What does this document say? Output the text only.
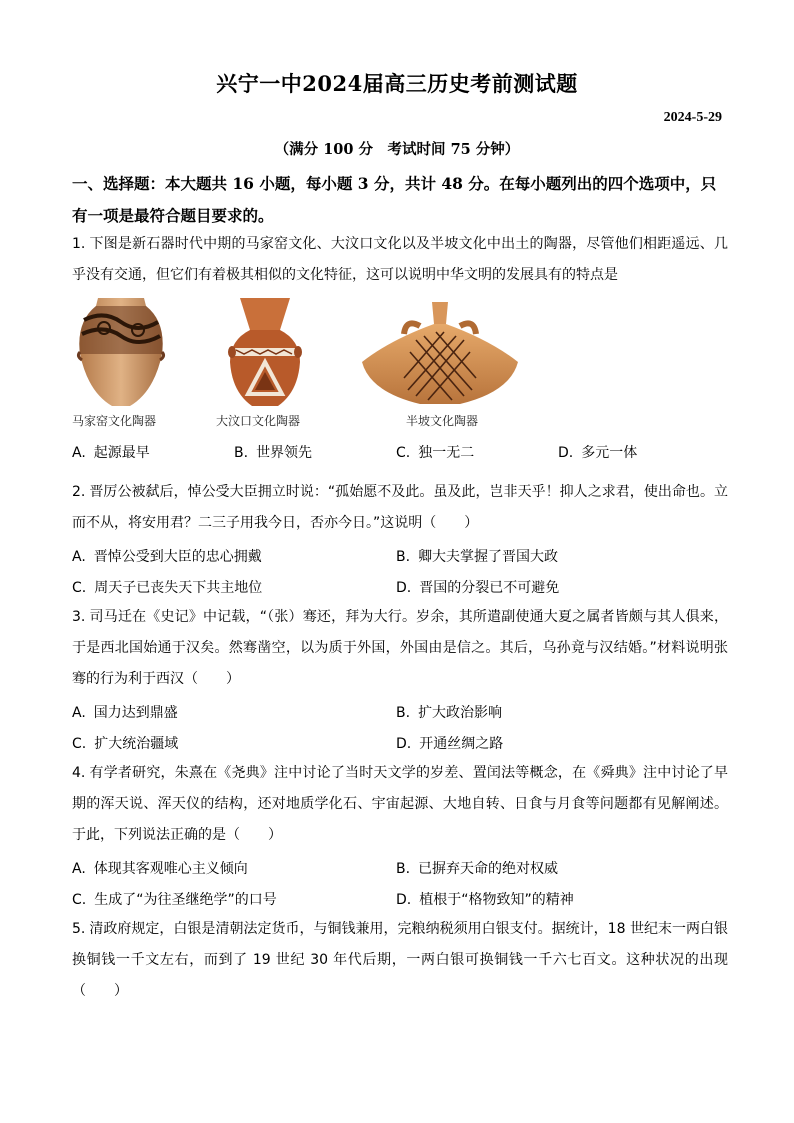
兴宁一中2024届高三历史考前测试题
2024-5-29
（满分 100 分　考试时间 75 分钟）
一、选择题：本大题共 16 小题，每小题 3 分，共计 48 分。在每小题列出的四个选项中，只有一项是最符合题目要求的。
1. 下图是新石器时代中期的马家窑文化、大汶口文化以及半坡文化中出土的陶器，尽管他们相距遥远、几乎没有交通，但它们有着极其相似的文化特征，这可以说明中华文明的发展具有的特点是
马家窑文化陶器	大汶口文化陶器	半坡文化陶器
A. 起源最早	B. 世界领先	C. 独一无二	D. 多元一体
2. 晋厉公被弑后，悼公受大臣拥立时说：“孤始愿不及此。虽及此，岂非天乎！抑人之求君，使出命也。立而不从，将安用君？二三子用我今日，否亦今日。”这说明（　　）
A. 晋悼公受到大臣的忠心拥戴	B. 卿大夫掌握了晋国大政
C. 周天子已丧失天下共主地位	D. 晋国的分裂已不可避免
3. 司马迁在《史记》中记载，“（张）骞还，拜为大行。岁余，其所遣副使通大夏之属者皆颇与其人俱来，于是西北国始通于汉矣。然骞凿空，以为质于外国，外国由是信之。其后，乌孙竟与汉结婚。”材料说明张骞的行为利于西汉（　　）
A. 国力达到鼎盛	B. 扩大政治影响
C. 扩大统治疆域	D. 开通丝绸之路
4. 有学者研究，朱熹在《尧典》注中讨论了当时天文学的岁差、置闰法等概念，在《舜典》注中讨论了早期的浑天说、浑天仪的结构，还对地质学化石、宇宙起源、大地自转、日食与月食等问题都有见解阐述。于此，下列说法正确的是（　　）
A. 体现其客观唯心主义倾向	B. 已摒弃天命的绝对权威
C. 生成了“为往圣继绝学”的口号	D. 植根于“格物致知”的精神
5. 清政府规定，白银是清朝法定货币，与铜钱兼用，完粮纳税须用白银支付。据统计，18 世纪末一两白银换铜钱一千文左右，而到了 19 世纪 30 年代后期，一两白银可换铜钱一千六七百文。这种状况的出现（　　）
